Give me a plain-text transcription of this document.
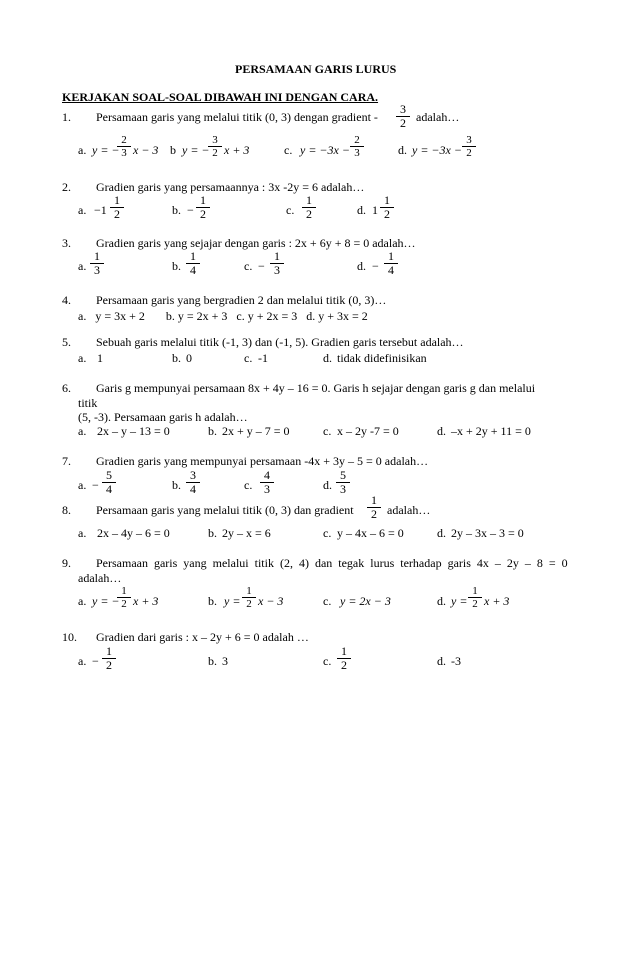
PERSAMAAN GARIS LURUS
KERJAKAN SOAL-SOAL DIBAWAH INI DENGAN CARA.
1. Persamaan garis yang melalui titik (0, 3) dengan gradient - $\frac{3}{2}$ adalah…
a. y = −
$\frac{2}{3}$ x − 3 b y = −
$\frac{3}{2}$ x + 3	c. $y = -3x - \frac{2}{3}$	d. $y = -3x - \frac{3}{2}$
2. Gradien garis yang persamaannya : 3x -2y = 6 adalah…
a. $-1 \frac{1}{2}$	b. − $\frac{1}{2}$	c. $\frac{1}{2}$	d. $1 \frac{1}{2}$
3. Gradien garis yang sejajar dengan garis : 2x + 6y + 8 = 0 adalah…
a. $\frac{1}{3}$	b. $\frac{1}{4}$	c. − $\frac{1}{3}$	d. − $\frac{1}{4}$
4. Persamaan garis yang bergradien 2 dan melalui titik (0, 3)…
a.   y = 3x + 2       b. y = 2x + 3   c. y + 2x = 3   d. y + 3x = 2
5. Sebuah garis melalui titik (-1, 3) dan (-1, 5). Gradien garis tersebut adalah…
a. 1	b. 0	c. -1	d. tidak didefinisikan
6. Garis g mempunyai persamaan 8x + 4y – 16 = 0. Garis h sejajar dengan garis g dan melalui
titik
(5, -3). Persamaan garis h adalah…
a. 2x – y – 13 = 0	b. 2x + y – 7 = 0	c. x – 2y -7 = 0	d. –x + 2y + 11 = 0
7. Gradien garis yang mempunyai persamaan -4x + 3y – 5 = 0 adalah…
a. − $\frac{5}{4}$	b. $\frac{3}{4}$	c. $\frac{4}{3}$	d. $\frac{5}{3}$
8. Persamaan garis yang melalui titik (0, 3) dan gradient $\frac{1}{2}$ adalah…
a. 2x – 4y – 6 = 0	b. 2y – x = 6	c. y – 4x – 6 = 0	d. 2y – 3x – 3 = 0
9. Persamaan  garis  yang  melalui  titik  (2,  4)  dan  tegak  lurus  terhadap  garis  4x  –  2y  –  8  =  0
adalah…
a. y = −
$\frac{1}{2}$ x + 3	b. $y = \frac{1}{2}$ x − 3	c. y = 2x − 3	d. $y = \frac{1}{2}$ x + 3
10. Gradien dari garis : x – 2y + 6 = 0 adalah …
a. − $\frac{1}{2}$	b. 3	c. $\frac{1}{2}$	d. -3
